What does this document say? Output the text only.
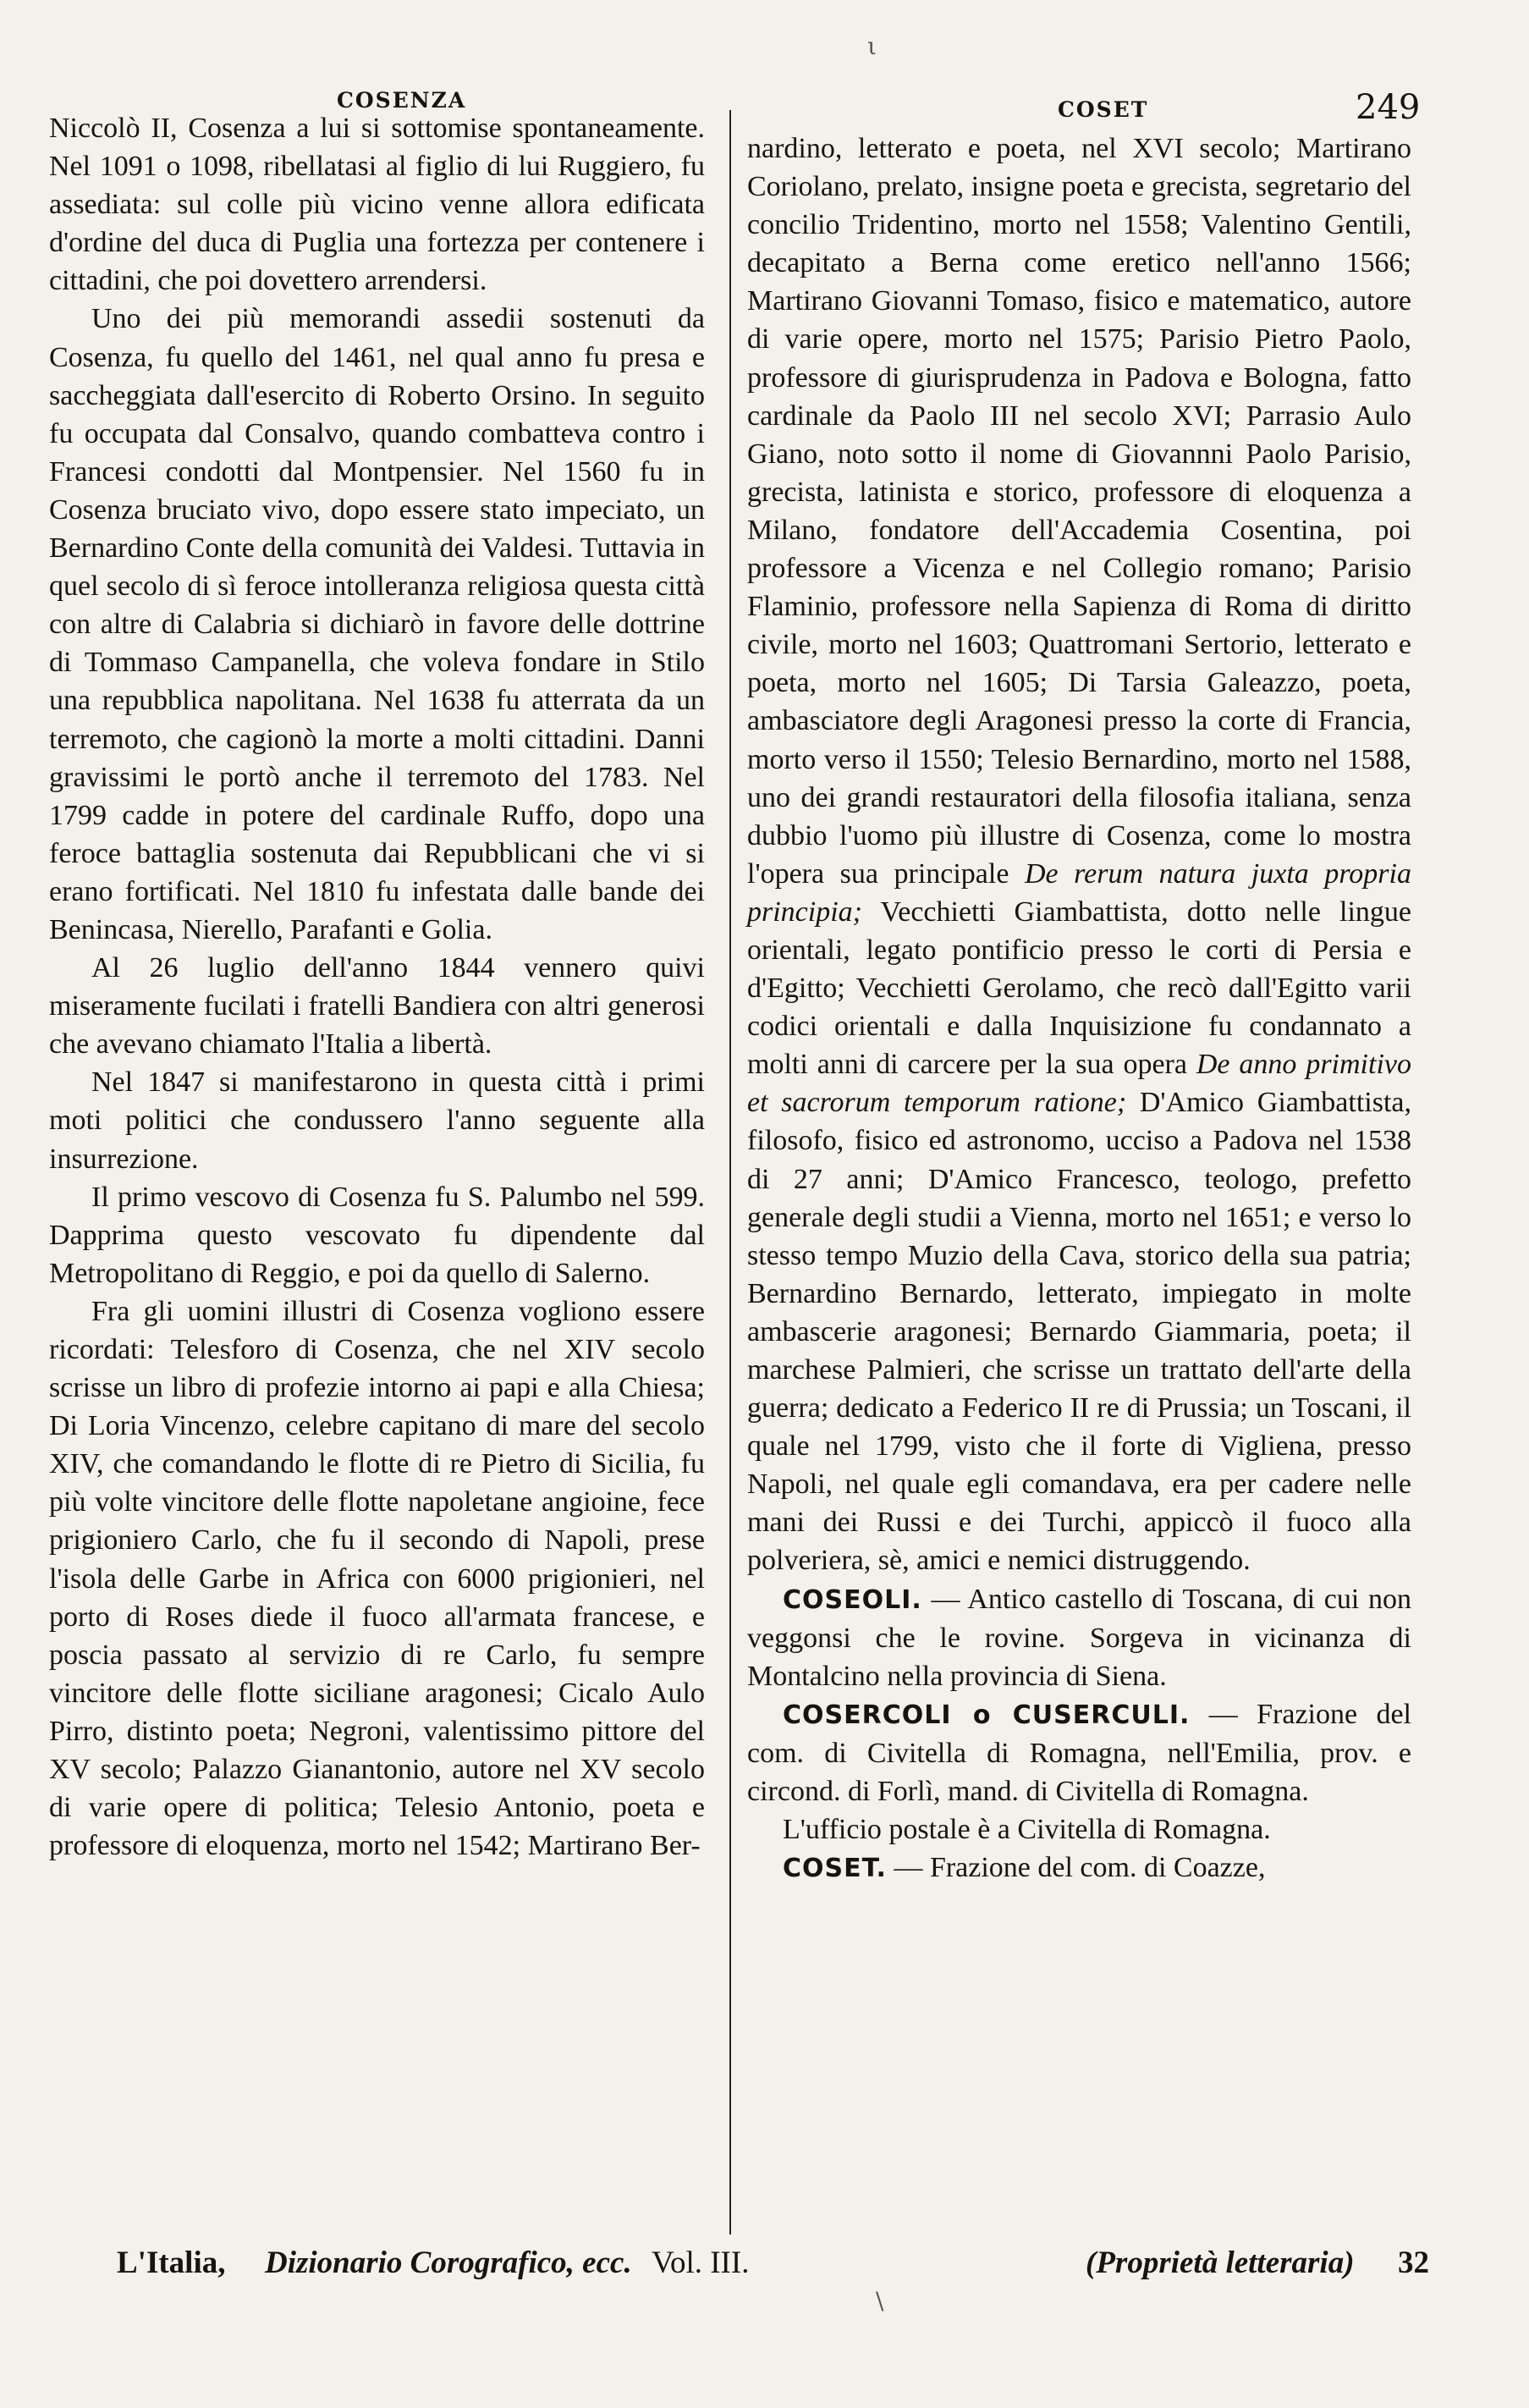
COSENZA	COSET	249
ι

Niccolò II, Cosenza a lui si sottomise spontaneamente. Nel 1091 o 1098, ribellatasi al figlio di lui Ruggiero, fu assediata: sul colle più vicino venne allora edificata d'ordine del duca di Puglia una fortezza per contenere i cittadini, che poi dovettero arrendersi.

Uno dei più memorandi assedii sostenuti da Cosenza, fu quello del 1461, nel qual anno fu presa e saccheggiata dall'esercito di Roberto Orsino. In seguito fu occupata dal Consalvo, quando combatteva contro i Francesi condotti dal Montpensier. Nel 1560 fu in Cosenza bruciato vivo, dopo essere stato impeciato, un Bernardino Conte della comunità dei Valdesi. Tuttavia in quel secolo di sì feroce intolleranza religiosa questa città con altre di Calabria si dichiarò in favore delle dottrine di Tommaso Campanella, che voleva fondare in Stilo una repubblica napolitana. Nel 1638 fu atterrata da un terremoto, che cagionò la morte a molti cittadini. Danni gravissimi le portò anche il terremoto del 1783. Nel 1799 cadde in potere del cardinale Ruffo, dopo una feroce battaglia sostenuta dai Repubblicani che vi si erano fortificati. Nel 1810 fu infestata dalle bande dei Benincasa, Nierello, Parafanti e Golia.

Al 26 luglio dell'anno 1844 vennero quivi miseramente fucilati i fratelli Bandiera con altri generosi che avevano chiamato l'Italia a libertà.

Nel 1847 si manifestarono in questa città i primi moti politici che condussero l'anno seguente alla insurrezione.

Il primo vescovo di Cosenza fu S. Palumbo nel 599. Dapprima questo vescovato fu dipendente dal Metropolitano di Reggio, e poi da quello di Salerno.

Fra gli uomini illustri di Cosenza vogliono essere ricordati: Telesforo di Cosenza, che nel XIV secolo scrisse un libro di profezie intorno ai papi e alla Chiesa; Di Loria Vincenzo, celebre capitano di mare del secolo XIV, che comandando le flotte di re Pietro di Sicilia, fu più volte vincitore delle flotte napoletane angioine, fece prigioniero Carlo, che fu il secondo di Napoli, prese l'isola delle Garbe in Africa con 6000 prigionieri, nel porto di Roses diede il fuoco all'armata francese, e poscia passato al servizio di re Carlo, fu sempre vincitore delle flotte siciliane aragonesi; Cicalo Aulo Pirro, distinto poeta; Negroni, valentissimo pittore del XV secolo; Palazzo Gianantonio, autore nel XV secolo di varie opere di politica; Telesio Antonio, poeta e professore di eloquenza, morto nel 1542; Martirano Ber-

nardino, letterato e poeta, nel XVI secolo; Martirano Coriolano, prelato, insigne poeta e grecista, segretario del concilio Tridentino, morto nel 1558; Valentino Gentili, decapitato a Berna come eretico nell'anno 1566; Martirano Giovanni Tomaso, fisico e matematico, autore di varie opere, morto nel 1575; Parisio Pietro Paolo, professore di giurisprudenza in Padova e Bologna, fatto cardinale da Paolo III nel secolo XVI; Parrasio Aulo Giano, noto sotto il nome di Giovannni Paolo Parisio, grecista, latinista e storico, professore di eloquenza a Milano, fondatore dell'Accademia Cosentina, poi professore a Vicenza e nel Collegio romano; Parisio Flaminio, professore nella Sapienza di Roma di diritto civile, morto nel 1603; Quattromani Sertorio, letterato e poeta, morto nel 1605; Di Tarsia Galeazzo, poeta, ambasciatore degli Aragonesi presso la corte di Francia, morto verso il 1550; Telesio Bernardino, morto nel 1588, uno dei grandi restauratori della filosofia italiana, senza dubbio l'uomo più illustre di Cosenza, come lo mostra l'opera sua principale De rerum natura juxta propria principia; Vecchietti Giambattista, dotto nelle lingue orientali, legato pontificio presso le corti di Persia e d'Egitto; Vecchietti Gerolamo, che recò dall'Egitto varii codici orientali e dalla Inquisizione fu condannato a molti anni di carcere per la sua opera De anno primitivo et sacrorum temporum ratione; D'Amico Giambattista, filosofo, fisico ed astronomo, ucciso a Padova nel 1538 di 27 anni; D'Amico Francesco, teologo, prefetto generale degli studii a Vienna, morto nel 1651; e verso lo stesso tempo Muzio della Cava, storico della sua patria; Bernardino Bernardo, letterato, impiegato in molte ambascerie aragonesi; Bernardo Giammaria, poeta; il marchese Palmieri, che scrisse un trattato dell'arte della guerra; dedicato a Federico II re di Prussia; un Toscani, il quale nel 1799, visto che il forte di Vigliena, presso Napoli, nel quale egli comandava, era per cadere nelle mani dei Russi e dei Turchi, appiccò il fuoco alla polveriera, sè, amici e nemici distruggendo.

COSEOLI. — Antico castello di Toscana, di cui non veggonsi che le rovine. Sorgeva in vicinanza di Montalcino nella provincia di Siena.

COSERCOLI o CUSERCULI. — Frazione del com. di Civitella di Romagna, nell'Emilia, prov. e circond. di Forlì, mand. di Civitella di Romagna.

L'ufficio postale è a Civitella di Romagna.

COSET. — Frazione del com. di Coazze,

L'Italia, Dizionario Corografico, ecc. Vol. III.	(Proprietà letteraria) 32
\
